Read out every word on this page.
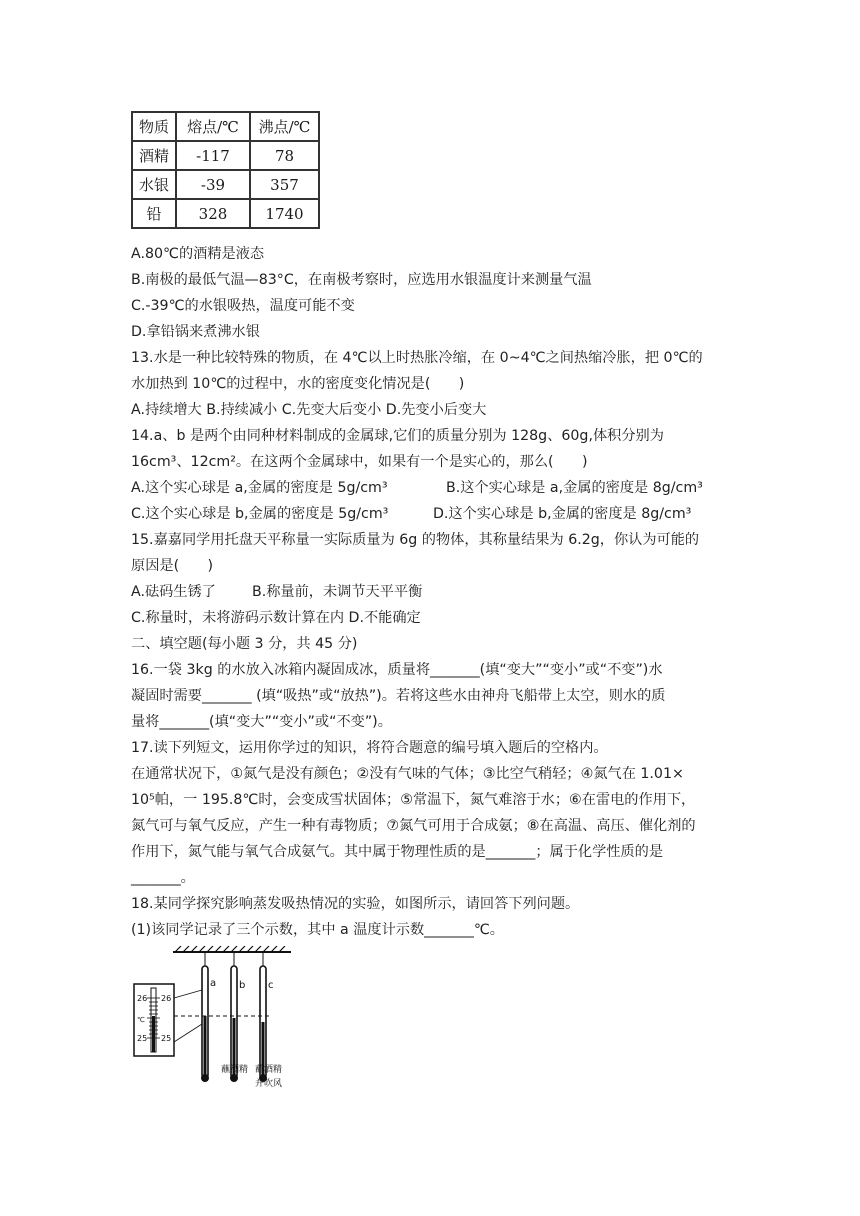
物质	熔点/℃	沸点/℃
酒精	-117	78
水银	-39	357
铅	328	1740
A.80℃的酒精是液态
B.南极的最低气温—83°C，在南极考察时，应选用水银温度计来测量气温
C.-39℃的水银吸热，温度可能不变
D.拿铅锅来煮沸水银
13.水是一种比较特殊的物质，在 4℃以上时热胀冷缩，在 0~4℃之间热缩冷胀，把 0℃的
水加热到 10℃的过程中，水的密度变化情况是(　　)
A.持续增大 B.持续减小 C.先变大后变小 D.先变小后变大
14.a、b 是两个由同种材料制成的金属球,它们的质量分别为 128g、60g,体积分别为
16cm³、12cm²。在这两个金属球中，如果有一个是实心的，那么(　　)
A.这个实心球是 a,金属的密度是 5g/cm³	B.这个实心球是 a,金属的密度是 8g/cm³
C.这个实心球是 b,金属的密度是 5g/cm³	D.这个实心球是 b,金属的密度是 8g/cm³
15.嘉嘉同学用托盘天平称量一实际质量为 6g 的物体，其称量结果为 6.2g，你认为可能的
原因是(　　)
A.砝码生锈了	B.称量前，未调节天平平衡
C.称量时，未将游码示数计算在内 D.不能确定
二、填空题(每小题 3 分，共 45 分)
16.一袋 3kg 的水放入冰箱内凝固成冰，质量将_______(填“变大”“变小”或“不变”)水
凝固时需要_______ (填“吸热”或“放热”)。若将这些水由神舟飞船带上太空，则水的质
量将_______(填“变大”“变小”或“不变”)。
17.读下列短文，运用你学过的知识，将符合题意的编号填入题后的空格内。
在通常状况下，①氮气是没有颜色；②没有气味的气体；③比空气稍轻；④氮气在 1.01×
10⁵帕，一 195.8℃时，会变成雪状固体；⑤常温下，氮气难溶于水；⑥在雷电的作用下，
氮气可与氧气反应，产生一种有毒物质；⑦氮气可用于合成氨；⑧在高温、高压、催化剂的
作用下，氮气能与氧气合成氨气。其中属于物理性质的是_______；属于化学性质的是
_______。
18.某同学探究影响蒸发吸热情况的实验，如图所示，请回答下列问题。
(1)该同学记录了三个示数，其中 a 温度计示数_______℃。
a b c
26 26
℃
25 25
蘸酒精 蘸酒精
并吹风
